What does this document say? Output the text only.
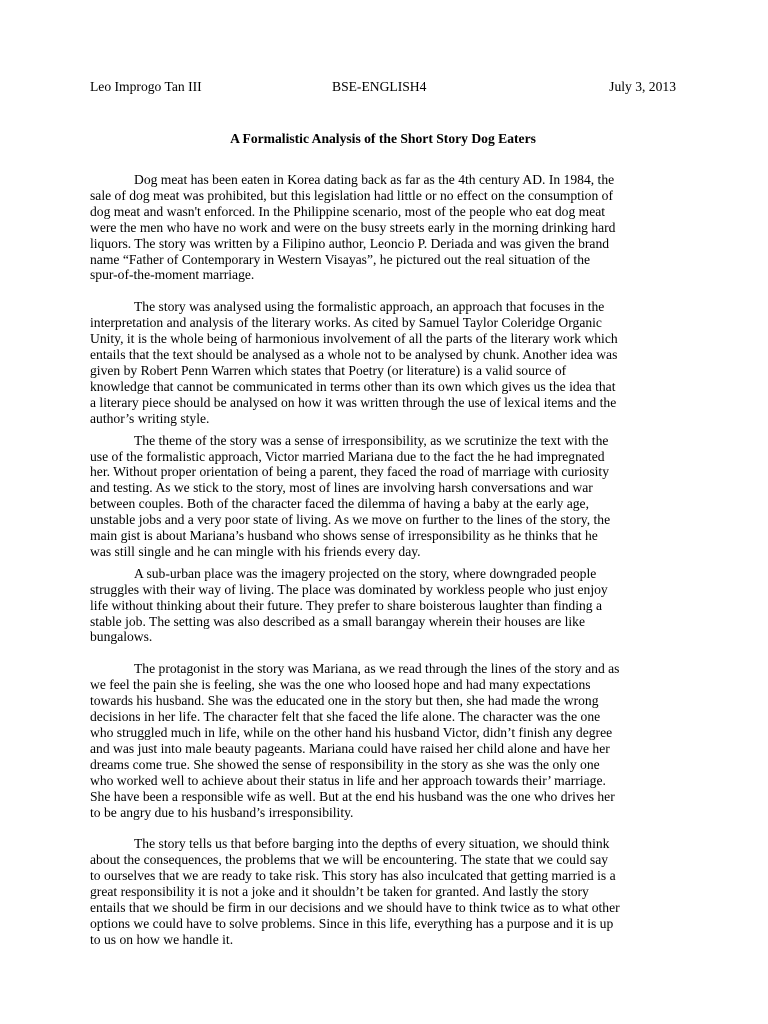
Leo Improgo Tan III	BSE-ENGLISH4	July 3, 2013
A Formalistic Analysis of the Short Story Dog Eaters

Dog meat has been eaten in Korea dating back as far as the 4th century AD. In 1984, the
sale of dog meat was prohibited, but this legislation had little or no effect on the consumption of
dog meat and wasn't enforced. In the Philippine scenario, most of the people who eat dog meat
were the men who have no work and were on the busy streets early in the morning drinking hard
liquors. The story was written by a Filipino author, Leoncio P. Deriada and was given the brand
name “Father of Contemporary in Western Visayas”, he pictured out the real situation of the
spur-of-the-moment marriage.

The story was analysed using the formalistic approach, an approach that focuses in the
interpretation and analysis of the literary works. As cited by Samuel Taylor Coleridge Organic
Unity, it is the whole being of harmonious involvement of all the parts of the literary work which
entails that the text should be analysed as a whole not to be analysed by chunk. Another idea was
given by Robert Penn Warren which states that Poetry (or literature) is a valid source of
knowledge that cannot be communicated in terms other than its own which gives us the idea that
a literary piece should be analysed on how it was written through the use of lexical items and the
author’s writing style.

The theme of the story was a sense of irresponsibility, as we scrutinize the text with the
use of the formalistic approach, Victor married Mariana due to the fact the he had impregnated
her. Without proper orientation of being a parent, they faced the road of marriage with curiosity
and testing. As we stick to the story, most of lines are involving harsh conversations and war
between couples. Both of the character faced the dilemma of having a baby at the early age,
unstable jobs and a very poor state of living. As we move on further to the lines of the story, the
main gist is about Mariana’s husband who shows sense of irresponsibility as he thinks that he
was still single and he can mingle with his friends every day.

A sub-urban place was the imagery projected on the story, where downgraded people
struggles with their way of living. The place was dominated by workless people who just enjoy
life without thinking about their future. They prefer to share boisterous laughter than finding a
stable job. The setting was also described as a small barangay wherein their houses are like
bungalows.

The protagonist in the story was Mariana, as we read through the lines of the story and as
we feel the pain she is feeling, she was the one who loosed hope and had many expectations
towards his husband. She was the educated one in the story but then, she had made the wrong
decisions in her life. The character felt that she faced the life alone. The character was the one
who struggled much in life, while on the other hand his husband Victor, didn’t finish any degree
and was just into male beauty pageants. Mariana could have raised her child alone and have her
dreams come true. She showed the sense of responsibility in the story as she was the only one
who worked well to achieve about their status in life and her approach towards their’ marriage.
She have been a responsible wife as well. But at the end his husband was the one who drives her
to be angry due to his husband’s irresponsibility.

The story tells us that before barging into the depths of every situation, we should think
about the consequences, the problems that we will be encountering. The state that we could say
to ourselves that we are ready to take risk. This story has also inculcated that getting married is a
great responsibility it is not a joke and it shouldn’t be taken for granted. And lastly the story
entails that we should be firm in our decisions and we should have to think twice as to what other
options we could have to solve problems. Since in this life, everything has a purpose and it is up
to us on how we handle it.
